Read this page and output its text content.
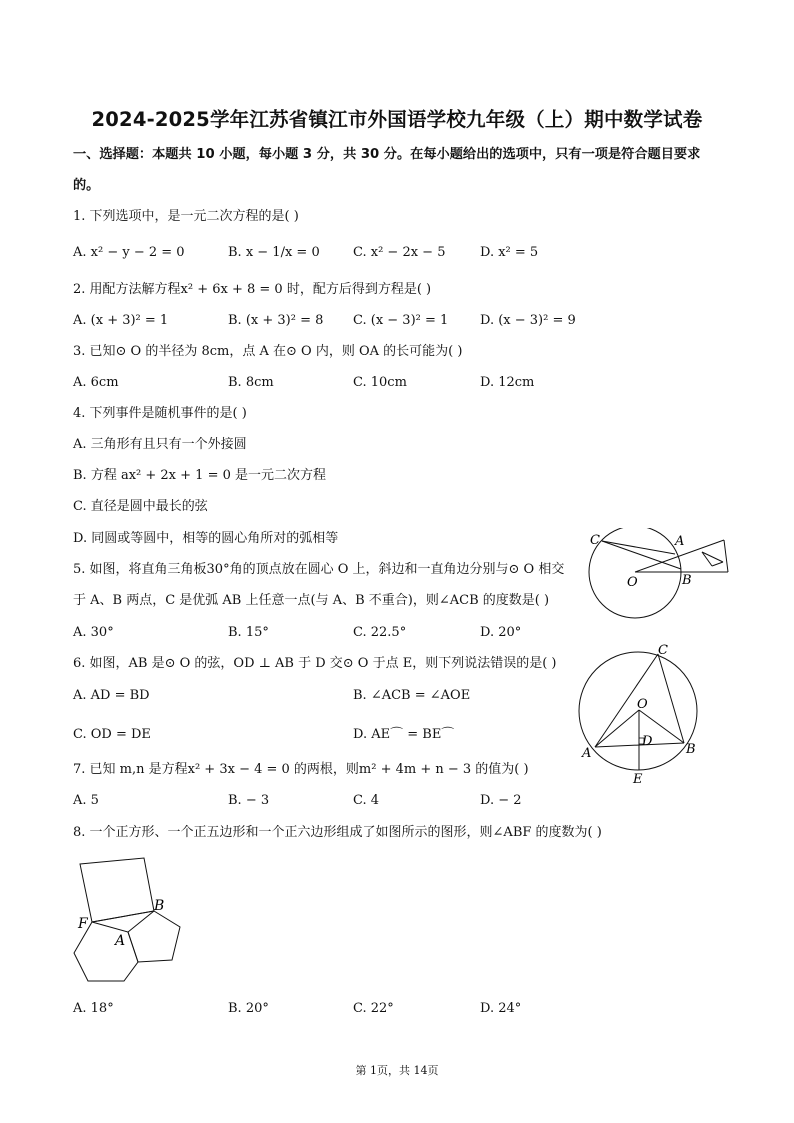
2024-2025学年江苏省镇江市外国语学校九年级（上）期中数学试卷
一、选择题：本题共 10 小题，每小题 3 分，共 30 分。在每小题给出的选项中，只有一项是符合题目要求
的。
1. 下列选项中，是一元二次方程的是( )
A. x² − y − 2 = 0	B. x − 1/x = 0	C. x² − 2x − 5	D. x² = 5
2. 用配方法解方程x² + 6x + 8 = 0 时，配方后得到方程是( )
A. (x + 3)² = 1	B. (x + 3)² = 8 C. (x − 3)² = 1 D. (x − 3)² = 9
3. 已知⊙ O 的半径为 8cm，点 A 在⊙ O 内，则 OA 的长可能为( )
A. 6cm	B. 8cm	C. 10cm	D. 12cm
4. 下列事件是随机事件的是( )
A. 三角形有且只有一个外接圆
B. 方程 ax² + 2x + 1 = 0 是一元二次方程
C. 直径是圆中最长的弦
D. 同圆或等圆中，相等的圆心角所对的弧相等
5. 如图，将直角三角板30°角的顶点放在圆心 O 上，斜边和一直角边分别与⊙ O 相交
于 A、B 两点，C 是优弧 AB 上任意一点(与 A、B 不重合)，则∠ACB 的度数是( )
A. 30°	B. 15°	C. 22.5°	D. 20°
C	A
O	B
6. 如图，AB 是⊙ O 的弦，OD ⊥ AB 于 D 交⊙ O 于点 E，则下列说法错误的是( )
A. AD = BD	B. ∠ACB = ∠AOE
C. OD = DE	D. AE⌒ = BE⌒
C
O
D
A	B
E
7. 已知 m,n 是方程x² + 3x − 4 = 0 的两根，则m² + 4m + n − 3 的值为( )
A. 5	B. − 3	C. 4	D. − 2
8. 一个正方形、一个正五边形和一个正六边形组成了如图所示的图形，则∠ABF 的度数为( )
B
F
A
A. 18°	B. 20°	C. 22°	D. 24°
第 1页，共 14页
